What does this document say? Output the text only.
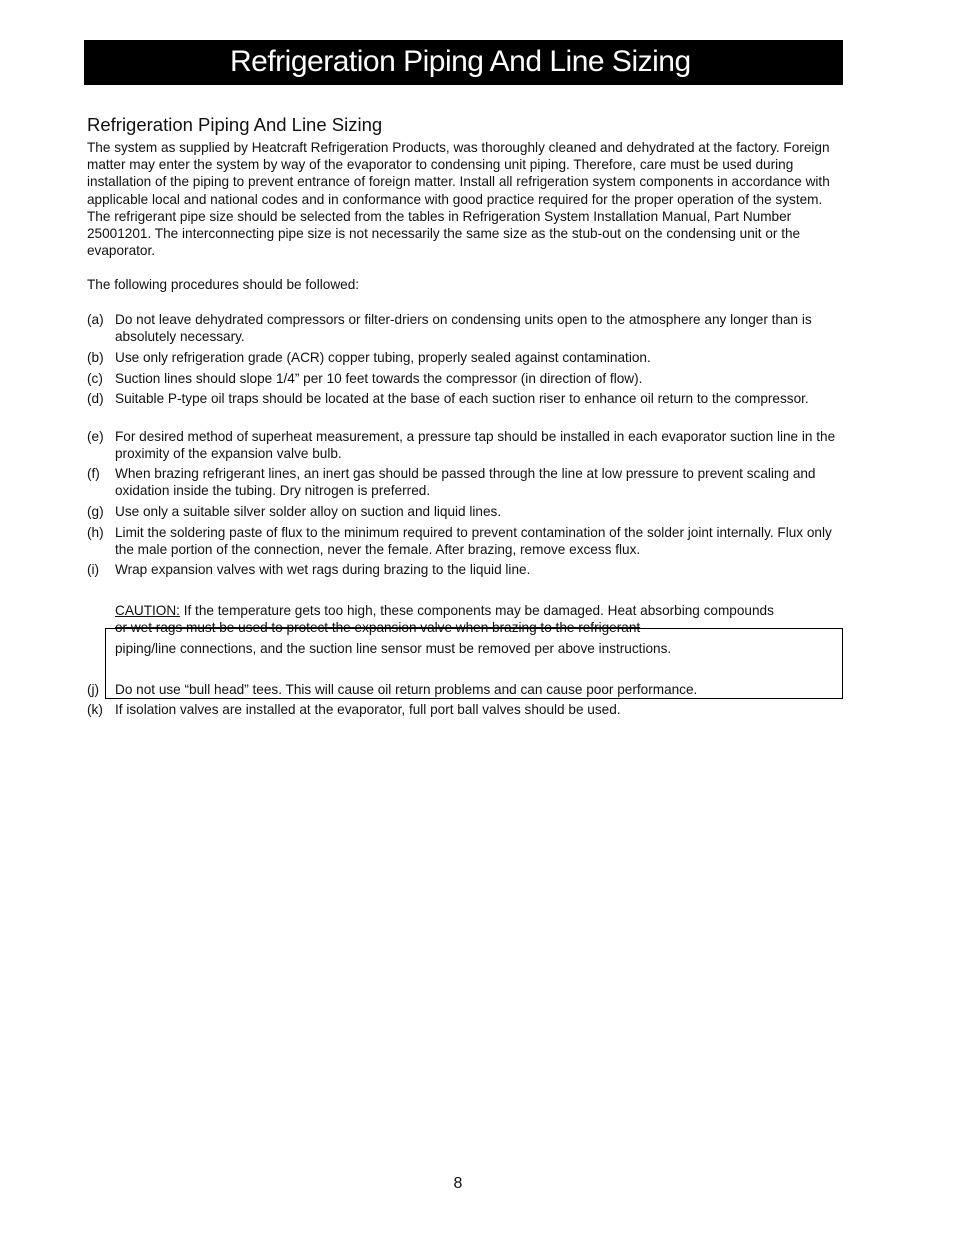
Refrigeration Piping And Line Sizing
Refrigeration Piping And Line Sizing
The system as supplied by Heatcraft Refrigeration Products, was thoroughly cleaned and dehydrated at the factory. Foreign matter may enter the system by way of the evaporator to condensing unit piping. Therefore, care must be used during installation of the piping to prevent entrance of foreign matter. Install all refrigeration system components in accordance with applicable local and national codes and in conformance with good practice required for the proper operation of the system. The refrigerant pipe size should be selected from the tables in Refrigeration System Installation Manual, Part Number 25001201. The interconnecting pipe size is not necessarily the same size as the stub-out on the condensing unit or the evaporator.
The following procedures should be followed:
(a) Do not leave dehydrated compressors or filter-driers on condensing units open to the atmosphere any longer than is absolutely necessary.
(b) Use only refrigeration grade (ACR) copper tubing, properly sealed against contamination.
(c) Suction lines should slope 1/4” per 10 feet towards the compressor (in direction of flow).
(d) Suitable P-type oil traps should be located at the base of each suction riser to enhance oil return to the compressor.
(e) For desired method of superheat measurement, a pressure tap should be installed in each evaporator suction line in the proximity of the expansion valve bulb.
(f) When brazing refrigerant lines, an inert gas should be passed through the line at low pressure to prevent scaling and oxidation inside the tubing. Dry nitrogen is preferred.
(g) Use only a suitable silver solder alloy on suction and liquid lines.
(h) Limit the soldering paste of flux to the minimum required to prevent contamination of the solder joint internally. Flux only the male portion of the connection, never the female. After brazing, remove excess flux.
(i) Wrap expansion valves with wet rags during brazing to the liquid line.
CAUTION: If the temperature gets too high, these components may be damaged. Heat absorbing compounds
or wet rags must be used to protect the expansion valve when brazing to the refrigerant
piping/line connections, and the suction line sensor must be removed per above instructions.
(j) Do not use “bull head” tees. This will cause oil return problems and can cause poor performance.
(k) If isolation valves are installed at the evaporator, full port ball valves should be used.
8
